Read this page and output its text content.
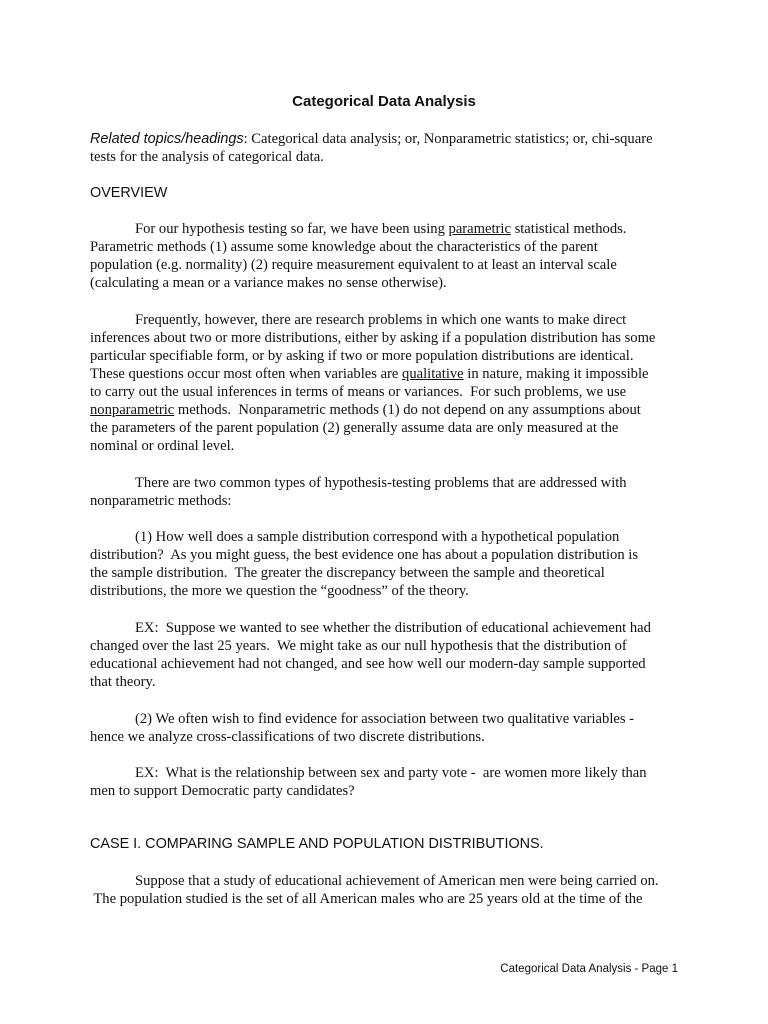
Categorical Data Analysis
Related topics/headings: Categorical data analysis; or, Nonparametric statistics; or, chi-square
tests for the analysis of categorical data.
OVERVIEW
For our hypothesis testing so far, we have been using parametric statistical methods.
Parametric methods (1) assume some knowledge about the characteristics of the parent
population (e.g. normality) (2) require measurement equivalent to at least an interval scale
(calculating a mean or a variance makes no sense otherwise).
Frequently, however, there are research problems in which one wants to make direct
inferences about two or more distributions, either by asking if a population distribution has some
particular specifiable form, or by asking if two or more population distributions are identical.
These questions occur most often when variables are qualitative in nature, making it impossible
to carry out the usual inferences in terms of means or variances.  For such problems, we use
nonparametric methods.  Nonparametric methods (1) do not depend on any assumptions about
the parameters of the parent population (2) generally assume data are only measured at the
nominal or ordinal level.
There are two common types of hypothesis-testing problems that are addressed with
nonparametric methods:
(1) How well does a sample distribution correspond with a hypothetical population
distribution?  As you might guess, the best evidence one has about a population distribution is
the sample distribution.  The greater the discrepancy between the sample and theoretical
distributions, the more we question the “goodness” of the theory.
EX:  Suppose we wanted to see whether the distribution of educational achievement had
changed over the last 25 years.  We might take as our null hypothesis that the distribution of
educational achievement had not changed, and see how well our modern-day sample supported
that theory.
(2) We often wish to find evidence for association between two qualitative variables -
hence we analyze cross-classifications of two discrete distributions.
EX:  What is the relationship between sex and party vote -  are women more likely than
men to support Democratic party candidates?
CASE I. COMPARING SAMPLE AND POPULATION DISTRIBUTIONS.
Suppose that a study of educational achievement of American men were being carried on.
The population studied is the set of all American males who are 25 years old at the time of the
Categorical Data Analysis - Page 1
